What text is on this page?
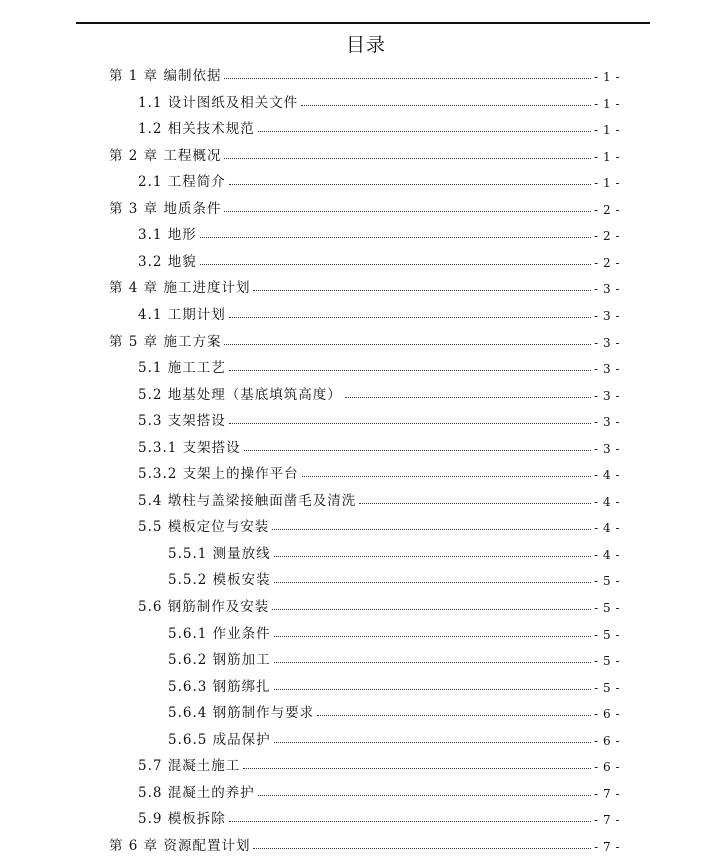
目录
第 1 章 编制依据	- 1 -
1.1 设计图纸及相关文件	- 1 -
1.2 相关技术规范	- 1 -
第 2 章 工程概况	- 1 -
2.1 工程简介	- 1 -
第 3 章 地质条件	- 2 -
3.1 地形	- 2 -
3.2 地貌	- 2 -
第 4 章 施工进度计划	- 3 -
4.1 工期计划	- 3 -
第 5 章 施工方案	- 3 -
5.1 施工工艺	- 3 -
5.2 地基处理（基底填筑高度）	- 3 -
5.3 支架搭设	- 3 -
5.3.1 支架搭设	- 3 -
5.3.2 支架上的操作平台	- 4 -
5.4 墩柱与盖梁接触面凿毛及清洗	- 4 -
5.5 模板定位与安装	- 4 -
5.5.1 测量放线	- 4 -
5.5.2 模板安装	- 5 -
5.6 钢筋制作及安装	- 5 -
5.6.1 作业条件	- 5 -
5.6.2 钢筋加工	- 5 -
5.6.3 钢筋绑扎	- 5 -
5.6.4 钢筋制作与要求	- 6 -
5.6.5 成品保护	- 6 -
5.7 混凝土施工	- 6 -
5.8 混凝土的养护	- 7 -
5.9 模板拆除	- 7 -
第 6 章 资源配置计划	- 7 -
